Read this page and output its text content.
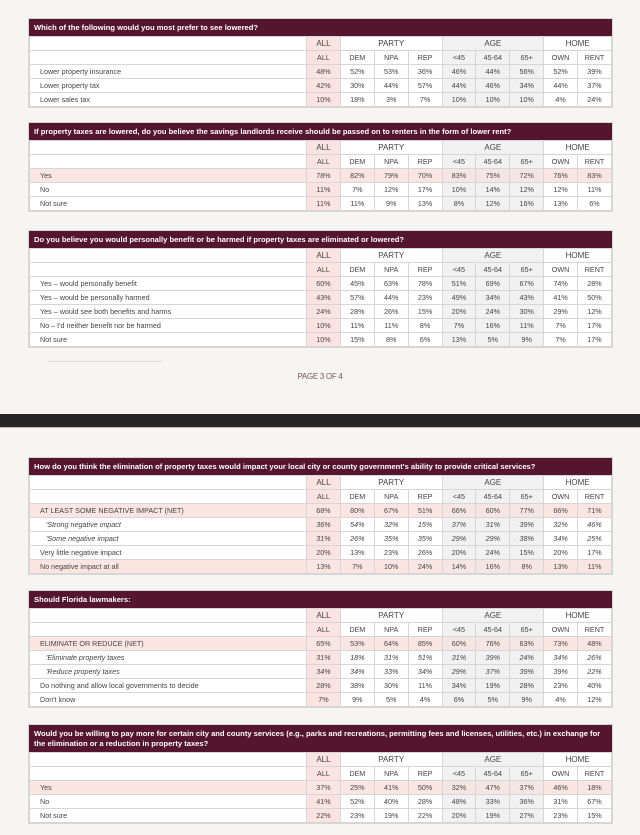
Which of the following would you most prefer to see lowered?
	ALL	PARTY			AGE			HOME	
	ALL	DEM	NPA	REP	<45	45-64	65+	OWN	RENT
Lower property insurance	48%	52%	53%	36%	46%	44%	56%	52%	39%
Lower property tax	42%	30%	44%	57%	44%	46%	34%	44%	37%
Lower sales tax	10%	18%	3%	7%	10%	10%	10%	4%	24%
If property taxes are lowered, do you believe the savings landlords receive should be passed on to renters in the form of lower rent?
	ALL	PARTY			AGE			HOME	
	ALL	DEM	NPA	REP	<45	45-64	65+	OWN	RENT
Yes	78%	82%	79%	70%	83%	75%	72%	76%	83%
No	11%	7%	12%	17%	10%	14%	12%	12%	11%
Not sure	11%	11%	9%	13%	8%	12%	16%	13%	6%
Do you believe you would personally benefit or be harmed if property taxes are eliminated or lowered?
	ALL	PARTY			AGE			HOME	
	ALL	DEM	NPA	REP	<45	45-64	65+	OWN	RENT
Yes – would personally benefit	60%	45%	63%	78%	51%	69%	67%	74%	28%
Yes – would be personally harmed	43%	57%	44%	23%	49%	34%	43%	41%	50%
Yes – would see both benefits and harms	24%	28%	26%	15%	20%	24%	30%	29%	12%
No – I'd neither benefit nor be harmed	10%	11%	11%	8%	7%	16%	11%	7%	17%
Not sure	10%	15%	8%	6%	13%	5%	9%	7%	17%
How do you think the elimination of property taxes would impact your local city or county government's ability to provide critical services?
	ALL	PARTY			AGE			HOME	
	ALL	DEM	NPA	REP	<45	45-64	65+	OWN	RENT
AT LEAST SOME NEGATIVE IMPACT (NET)	68%	80%	67%	51%	66%	60%	77%	66%	71%
'Strong negative impact	36%	54%	32%	15%	37%	31%	39%	32%	46%
'Some negative impact	31%	26%	35%	35%	29%	29%	38%	34%	25%
Very little negative impact	20%	13%	23%	26%	20%	24%	15%	20%	17%
No negative impact at all	13%	7%	10%	24%	14%	16%	8%	13%	11%
Should Florida lawmakers:
	ALL	PARTY			AGE			HOME	
	ALL	DEM	NPA	REP	<45	45-64	65+	OWN	RENT
ELIMINATE OR REDUCE (NET)	65%	53%	64%	85%	60%	76%	63%	73%	48%
'Eliminate property taxes	31%	18%	31%	51%	31%	39%	24%	34%	26%
'Reduce property taxes	34%	34%	33%	34%	29%	37%	39%	39%	22%
Do nothing and allow local governments to decide	28%	38%	30%	11%	34%	19%	28%	23%	40%
Don't know	7%	9%	5%	4%	6%	5%	9%	4%	12%
Would you be willing to pay more for certain city and county services (e.g., parks and recreations, permitting fees and licenses, utilities, etc.) in exchange for the elimination or a reduction in property taxes?
	ALL	PARTY			AGE			HOME	
	ALL	DEM	NPA	REP	<45	45-64	65+	OWN	RENT
Yes	37%	25%	41%	50%	32%	47%	37%	46%	18%
No	41%	52%	40%	28%	48%	33%	36%	31%	67%
Not sure	22%	23%	19%	22%	20%	19%	27%	23%	15%
PAGE 3 OF 4
